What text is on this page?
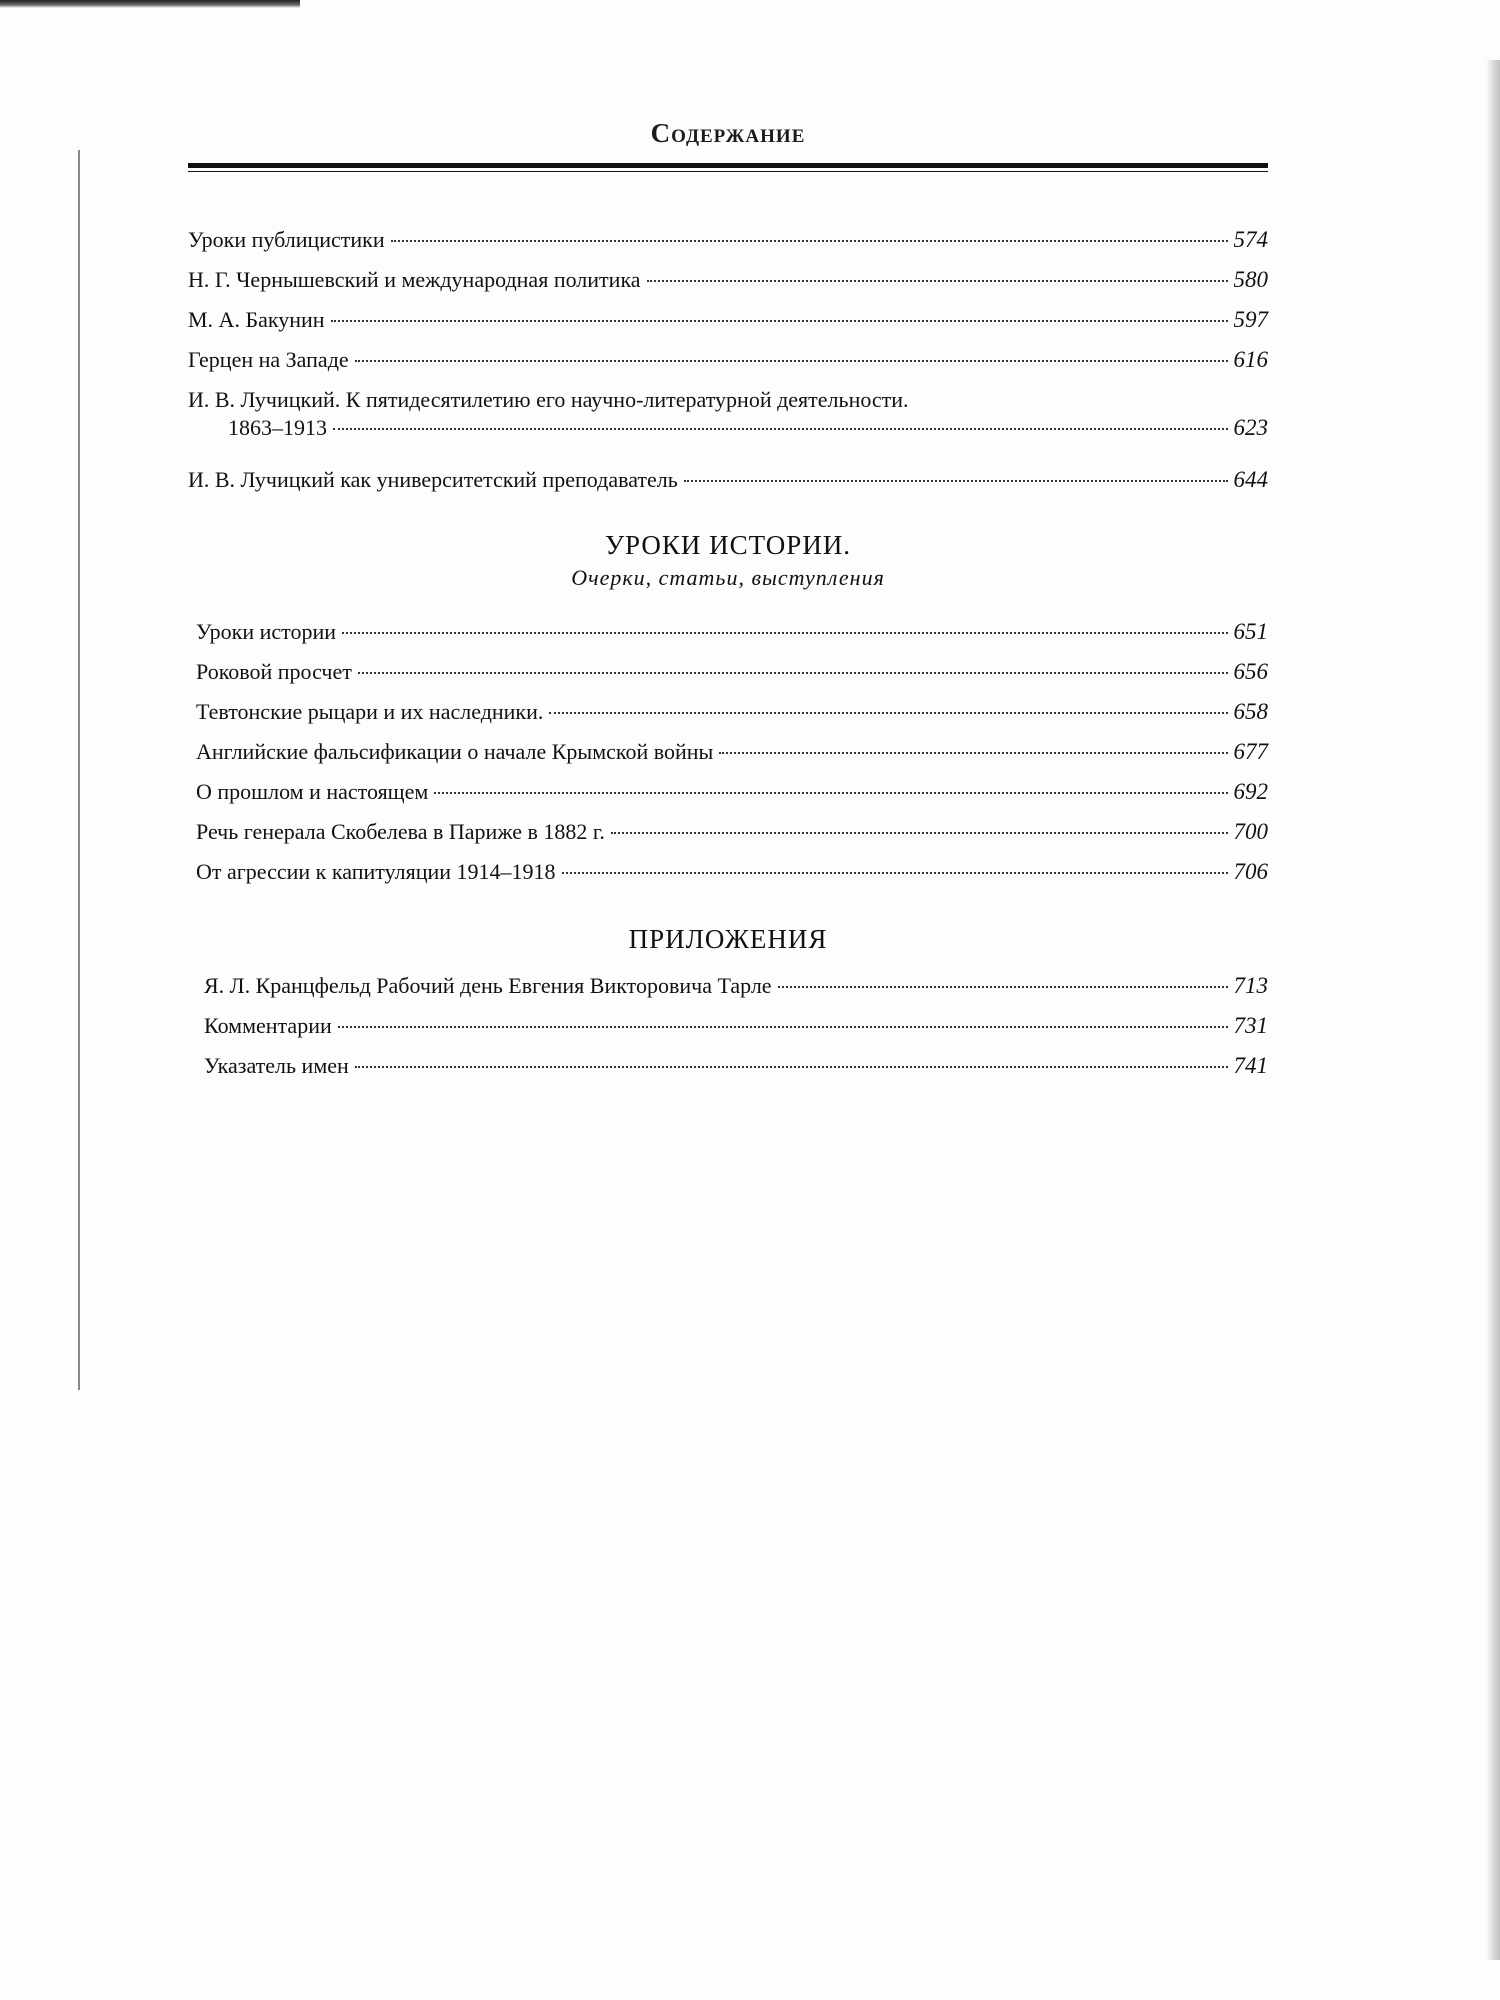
Содержание
Уроки публицистики	574
Н. Г. Чернышевский и международная политика	580
М. А. Бакунин	597
Герцен на Западе	616
И. В. Лучицкий. К пятидесятилетию его научно-литературной деятельности.
1863–1913	623
И. В. Лучицкий как университетский преподаватель	644
УРОКИ ИСТОРИИ.
Очерки, статьи, выступления
Уроки истории	651
Роковой просчет	656
Тевтонские рыцари и их наследники.	658
Английские фальсификации о начале Крымской войны	677
О прошлом и настоящем	692
Речь генерала Скобелева в Париже в 1882 г.	700
От агрессии к капитуляции 1914–1918	706
ПРИЛОЖЕНИЯ
Я. Л. Кранцфельд Рабочий день Евгения Викторовича Тарле	713
Комментарии	731
Указатель имен	741
